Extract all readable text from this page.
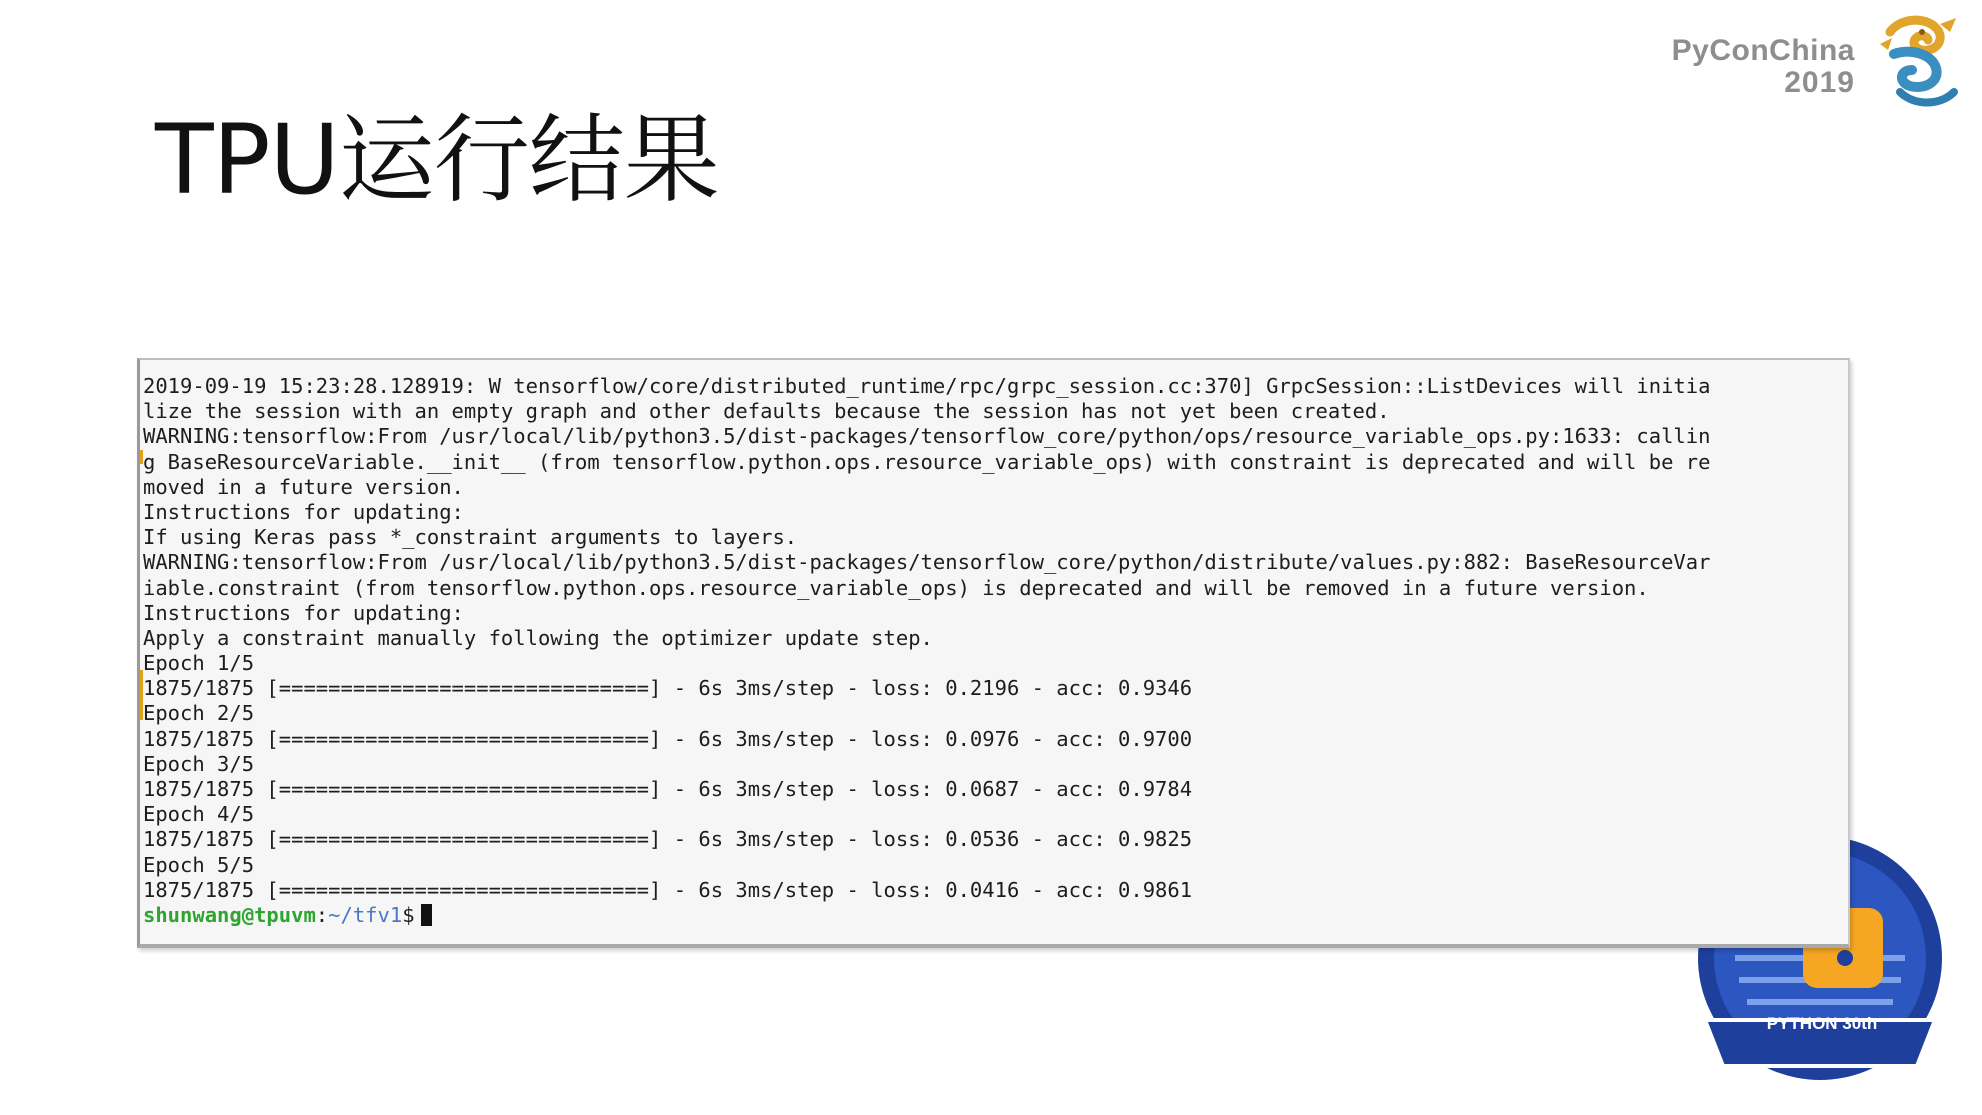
TPU运行结果
PyConChina
2019
PYTHON 30th
2019-09-19 15:23:28.128919: W tensorflow/core/distributed_runtime/rpc/grpc_session.cc:370] GrpcSession::ListDevices will initia
lize the session with an empty graph and other defaults because the session has not yet been created.
WARNING:tensorflow:From /usr/local/lib/python3.5/dist-packages/tensorflow_core/python/ops/resource_variable_ops.py:1633: callin
g BaseResourceVariable.__init__ (from tensorflow.python.ops.resource_variable_ops) with constraint is deprecated and will be re
moved in a future version.
Instructions for updating:
If using Keras pass *_constraint arguments to layers.
WARNING:tensorflow:From /usr/local/lib/python3.5/dist-packages/tensorflow_core/python/distribute/values.py:882: BaseResourceVar
iable.constraint (from tensorflow.python.ops.resource_variable_ops) is deprecated and will be removed in a future version.
Instructions for updating:
Apply a constraint manually following the optimizer update step.
Epoch 1/5
1875/1875 [==============================] - 6s 3ms/step - loss: 0.2196 - acc: 0.9346
Epoch 2/5
1875/1875 [==============================] - 6s 3ms/step - loss: 0.0976 - acc: 0.9700
Epoch 3/5
1875/1875 [==============================] - 6s 3ms/step - loss: 0.0687 - acc: 0.9784
Epoch 4/5
1875/1875 [==============================] - 6s 3ms/step - loss: 0.0536 - acc: 0.9825
Epoch 5/5
1875/1875 [==============================] - 6s 3ms/step - loss: 0.0416 - acc: 0.9861
shunwang@tpuvm:~/tfv1$
